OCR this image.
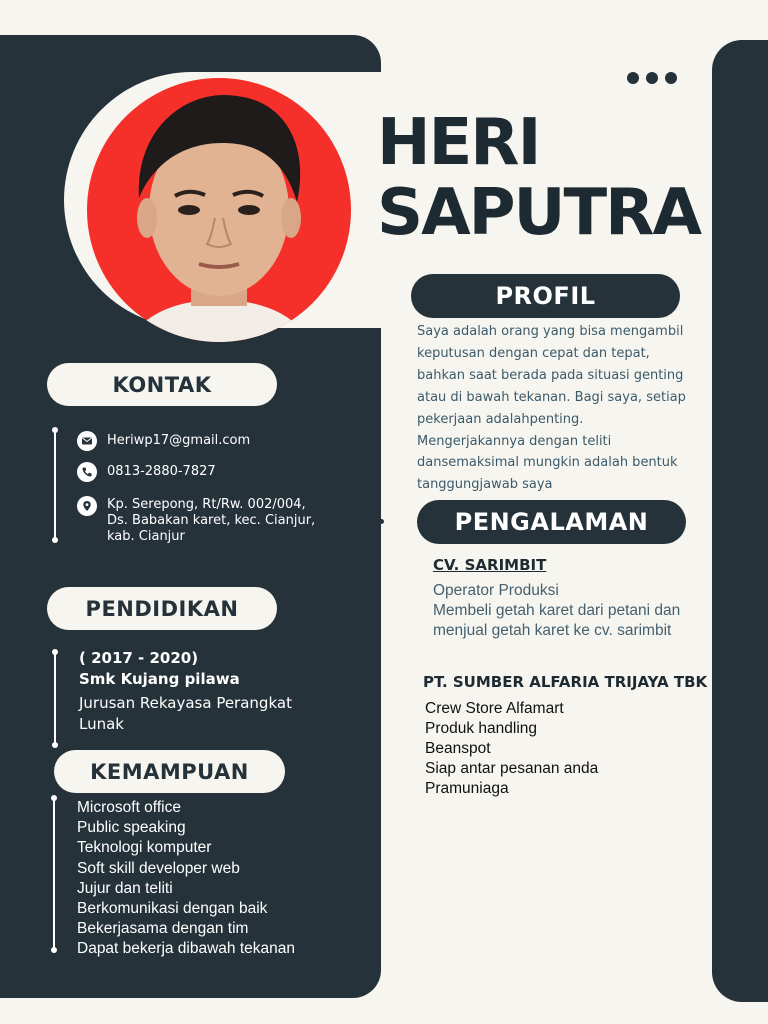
HERI
SAPUTRA
PROFIL
Saya adalah orang yang bisa mengambil keputusan dengan cepat dan tepat, bahkan saat berada pada situasi genting atau di bawah tekanan. Bagi saya, setiap pekerjaan adalahpenting. Mengerjakannya dengan teliti dansemaksimal mungkin adalah bentuk tanggungjawab saya
KONTAK
Heriwp17@gmail.com
0813-2880-7827
Kp. Serepong, Rt/Rw. 002/004,
Ds. Babakan karet, kec. Cianjur,
kab. Cianjur
PENDIDIKAN
( 2017 - 2020)
Smk Kujang pilawa
Jurusan Rekayasa Perangkat Lunak
KEMAMPUAN
Microsoft office
Public speaking
Teknologi komputer
Soft skill developer web
Jujur dan teliti
Berkomunikasi dengan baik
Bekerjasama dengan tim
Dapat bekerja dibawah tekanan
PENGALAMAN
CV. SARIMBIT
Operator Produksi
Membeli getah karet dari petani dan menjual getah karet ke cv. sarimbit
PT. SUMBER ALFARIA TRIJAYA TBK
Crew Store Alfamart
Produk handling
Beanspot
Siap antar pesanan anda
Pramuniaga
